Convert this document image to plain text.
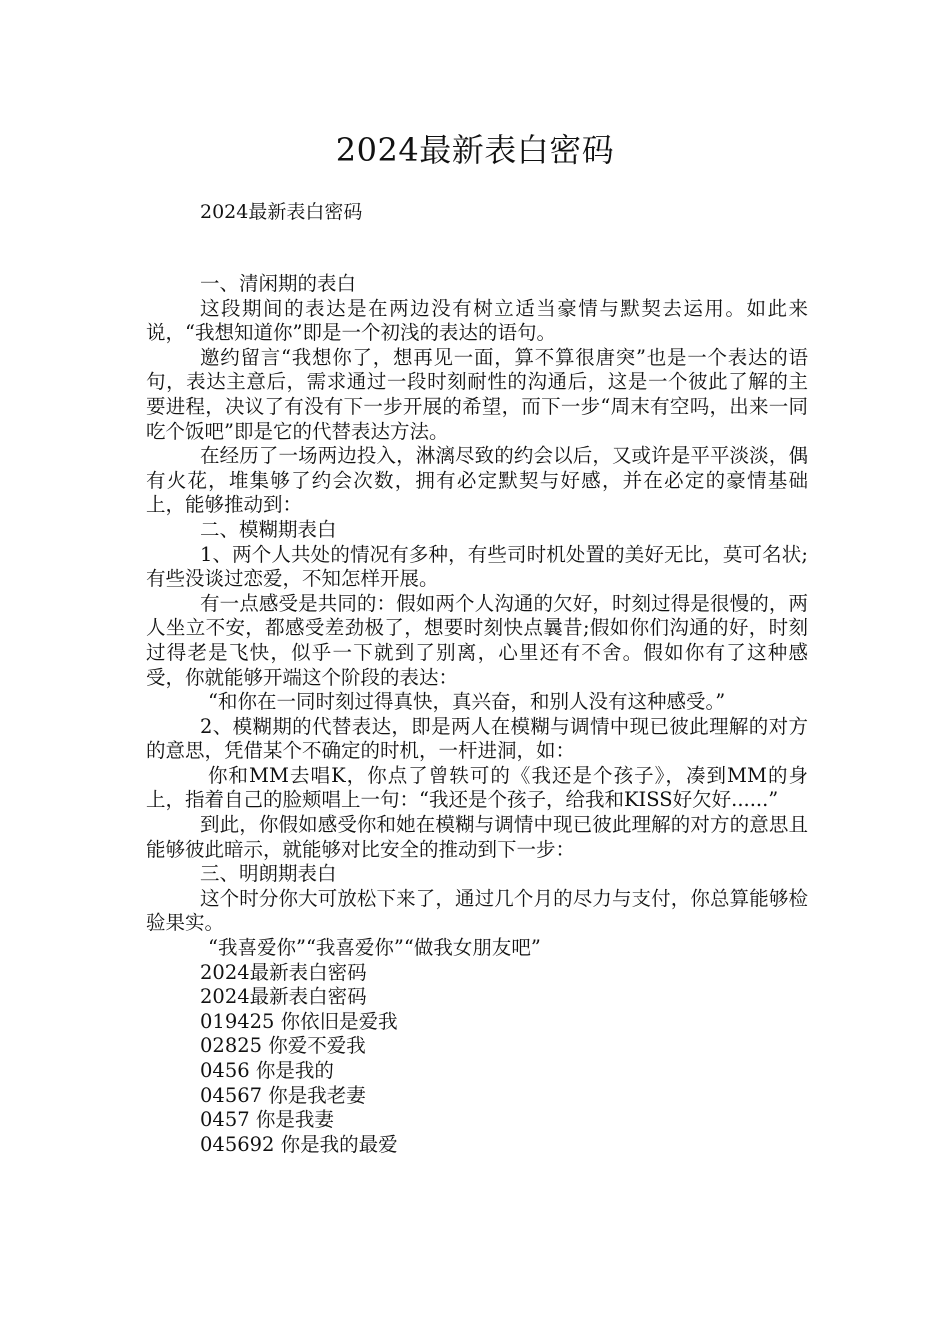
2024最新表白密码
2024最新表白密码

一、清闲期的表白

这段期间的表达是在两边没有树立适当豪情与默契去运用。如此来说，“我想知道你”即是一个初浅的表达的语句。

邀约留言“我想你了，想再见一面，算不算很唐突”也是一个表达的语句，表达主意后，需求通过一段时刻耐性的沟通后，这是一个彼此了解的主要进程，决议了有没有下一步开展的希望，而下一步“周末有空吗，出来一同吃个饭吧”即是它的代替表达方法。

在经历了一场两边投入，淋漓尽致的约会以后，又或许是平平淡淡，偶有火花，堆集够了约会次数，拥有必定默契与好感，并在必定的豪情基础上，能够推动到：

二、模糊期表白

1、两个人共处的情况有多种，有些司时机处置的美好无比，莫可名状;有些没谈过恋爱，不知怎样开展。

有一点感受是共同的：假如两个人沟通的欠好，时刻过得是很慢的，两人坐立不安，都感受差劲极了，想要时刻快点曩昔;假如你们沟通的好，时刻过得老是飞快，似乎一下就到了别离，心里还有不舍。假如你有了这种感受，你就能够开端这个阶段的表达：

“和你在一同时刻过得真快，真兴奋，和别人没有这种感受。”

2、模糊期的代替表达，即是两人在模糊与调情中现已彼此理解的对方的意思，凭借某个不确定的时机，一杆进洞，如：

你和MM去唱K，你点了曾轶可的《我还是个孩子》，凑到MM的身上，指着自己的脸颊唱上一句：“我还是个孩子，给我和KISS好欠好......”

到此，你假如感受你和她在模糊与调情中现已彼此理解的对方的意思且能够彼此暗示，就能够对比安全的推动到下一步：

三、明朗期表白

这个时分你大可放松下来了，通过几个月的尽力与支付，你总算能够检验果实。

“我喜爱你”“我喜爱你”“做我女朋友吧”

2024最新表白密码
2024最新表白密码
019425 你依旧是爱我
02825 你爱不爱我
0456 你是我的
04567 你是我老妻
0457 你是我妻
045692 你是我的最爱
